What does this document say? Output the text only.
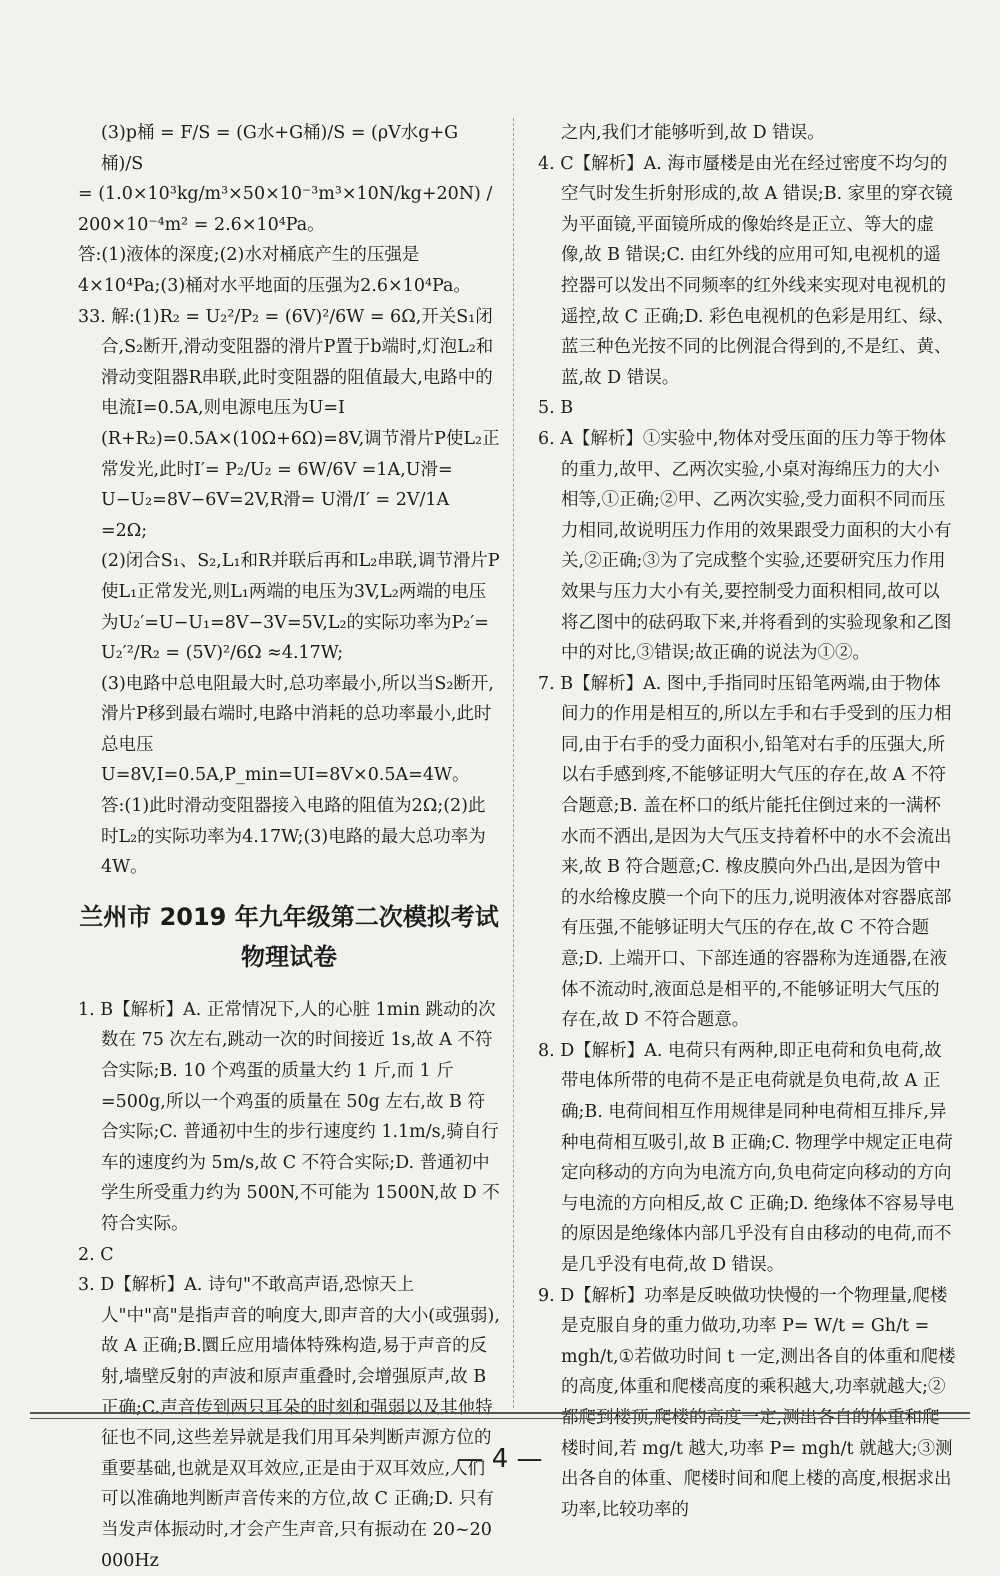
(3)p桶 = F/S = (G水+G桶)/S = (ρV水g+G桶)/S

= (1.0×10³kg/m³×50×10⁻³m³×10N/kg+20N) / 200×10⁻⁴m² = 2.6×10⁴Pa。

答:(1)液体的深度;(2)水对桶底产生的压强是4×10⁴Pa;(3)桶对水平地面的压强为2.6×10⁴Pa。

33. 解:(1)R₂ = U₂²/P₂ = (6V)²/6W = 6Ω,开关S₁闭合,S₂断开,滑动变阻器的滑片P置于b端时,灯泡L₂和滑动变阻器R串联,此时变阻器的阻值最大,电路中的电流I=0.5A,则电源电压为U=I (R+R₂)=0.5A×(10Ω+6Ω)=8V,调节滑片P使L₂正常发光,此时I′= P₂/U₂ = 6W/6V =1A,U滑= U−U₂=8V−6V=2V,R滑= U滑/I′ = 2V/1A =2Ω;

(2)闭合S₁、S₂,L₁和R并联后再和L₂串联,调节滑片P使L₁正常发光,则L₁两端的电压为3V,L₂两端的电压为U₂′=U−U₁=8V−3V=5V,L₂的实际功率为P₂′= U₂′²/R₂ = (5V)²/6Ω ≈4.17W;

(3)电路中总电阻最大时,总功率最小,所以当S₂断开,滑片P移到最右端时,电路中消耗的总功率最小,此时总电压U=8V,I=0.5A,P_min=UI=8V×0.5A=4W。

答:(1)此时滑动变阻器接入电路的阻值为2Ω;(2)此时L₂的实际功率为4.17W;(3)电路的最大总功率为4W。

兰州市 2019 年九年级第二次模拟考试
物理试卷

1. B【解析】A. 正常情况下,人的心脏 1min 跳动的次数在 75 次左右,跳动一次的时间接近 1s,故 A 不符合实际;B. 10 个鸡蛋的质量大约 1 斤,而 1 斤 =500g,所以一个鸡蛋的质量在 50g 左右,故 B 符合实际;C. 普通初中生的步行速度约 1.1m/s,骑自行车的速度约为 5m/s,故 C 不符合实际;D. 普通初中学生所受重力约为 500N,不可能为 1500N,故 D 不符合实际。

2. C

3. D【解析】A. 诗句"不敢高声语,恐惊天上人"中"高"是指声音的响度大,即声音的大小(或强弱),故 A 正确;B.圜丘应用墙体特殊构造,易于声音的反射,墙壁反射的声波和原声重叠时,会增强原声,故 B 正确;C.声音传到两只耳朵的时刻和强弱以及其他特征也不同,这些差异就是我们用耳朵判断声源方位的重要基础,也就是双耳效应,正是由于双耳效应,人们可以准确地判断声音传来的方位,故 C 正确;D. 只有当发声体振动时,才会产生声音,只有振动在 20~20 000Hz

之内,我们才能够听到,故 D 错误。

4. C【解析】A. 海市蜃楼是由光在经过密度不均匀的空气时发生折射形成的,故 A 错误;B. 家里的穿衣镜为平面镜,平面镜所成的像始终是正立、等大的虚像,故 B 错误;C. 由红外线的应用可知,电视机的遥控器可以发出不同频率的红外线来实现对电视机的遥控,故 C 正确;D. 彩色电视机的色彩是用红、绿、蓝三种色光按不同的比例混合得到的,不是红、黄、蓝,故 D 错误。

5. B

6. A【解析】①实验中,物体对受压面的压力等于物体的重力,故甲、乙两次实验,小桌对海绵压力的大小相等,①正确;②甲、乙两次实验,受力面积不同而压力相同,故说明压力作用的效果跟受力面积的大小有关,②正确;③为了完成整个实验,还要研究压力作用效果与压力大小有关,要控制受力面积相同,故可以将乙图中的砝码取下来,并将看到的实验现象和乙图中的对比,③错误;故正确的说法为①②。

7. B【解析】A. 图中,手指同时压铅笔两端,由于物体间力的作用是相互的,所以左手和右手受到的压力相同,由于右手的受力面积小,铅笔对右手的压强大,所以右手感到疼,不能够证明大气压的存在,故 A 不符合题意;B. 盖在杯口的纸片能托住倒过来的一满杯水而不洒出,是因为大气压支持着杯中的水不会流出来,故 B 符合题意;C. 橡皮膜向外凸出,是因为管中的水给橡皮膜一个向下的压力,说明液体对容器底部有压强,不能够证明大气压的存在,故 C 不符合题意;D. 上端开口、下部连通的容器称为连通器,在液体不流动时,液面总是相平的,不能够证明大气压的存在,故 D 不符合题意。

8. D【解析】A. 电荷只有两种,即正电荷和负电荷,故带电体所带的电荷不是正电荷就是负电荷,故 A 正确;B. 电荷间相互作用规律是同种电荷相互排斥,异种电荷相互吸引,故 B 正确;C. 物理学中规定正电荷定向移动的方向为电流方向,负电荷定向移动的方向与电流的方向相反,故 C 正确;D. 绝缘体不容易导电的原因是绝缘体内部几乎没有自由移动的电荷,而不是几乎没有电荷,故 D 错误。

9. D【解析】功率是反映做功快慢的一个物理量,爬楼是克服自身的重力做功,功率 P= W/t = Gh/t = mgh/t,①若做功时间 t 一定,测出各自的体重和爬楼的高度,体重和爬楼高度的乘积越大,功率就越大;②都爬到楼顶,爬楼的高度一定,测出各自的体重和爬楼时间,若 mg/t 越大,功率 P= mgh/t 就越大;③测出各自的体重、爬楼时间和爬上楼的高度,根据求出功率,比较功率的

— 4 —
